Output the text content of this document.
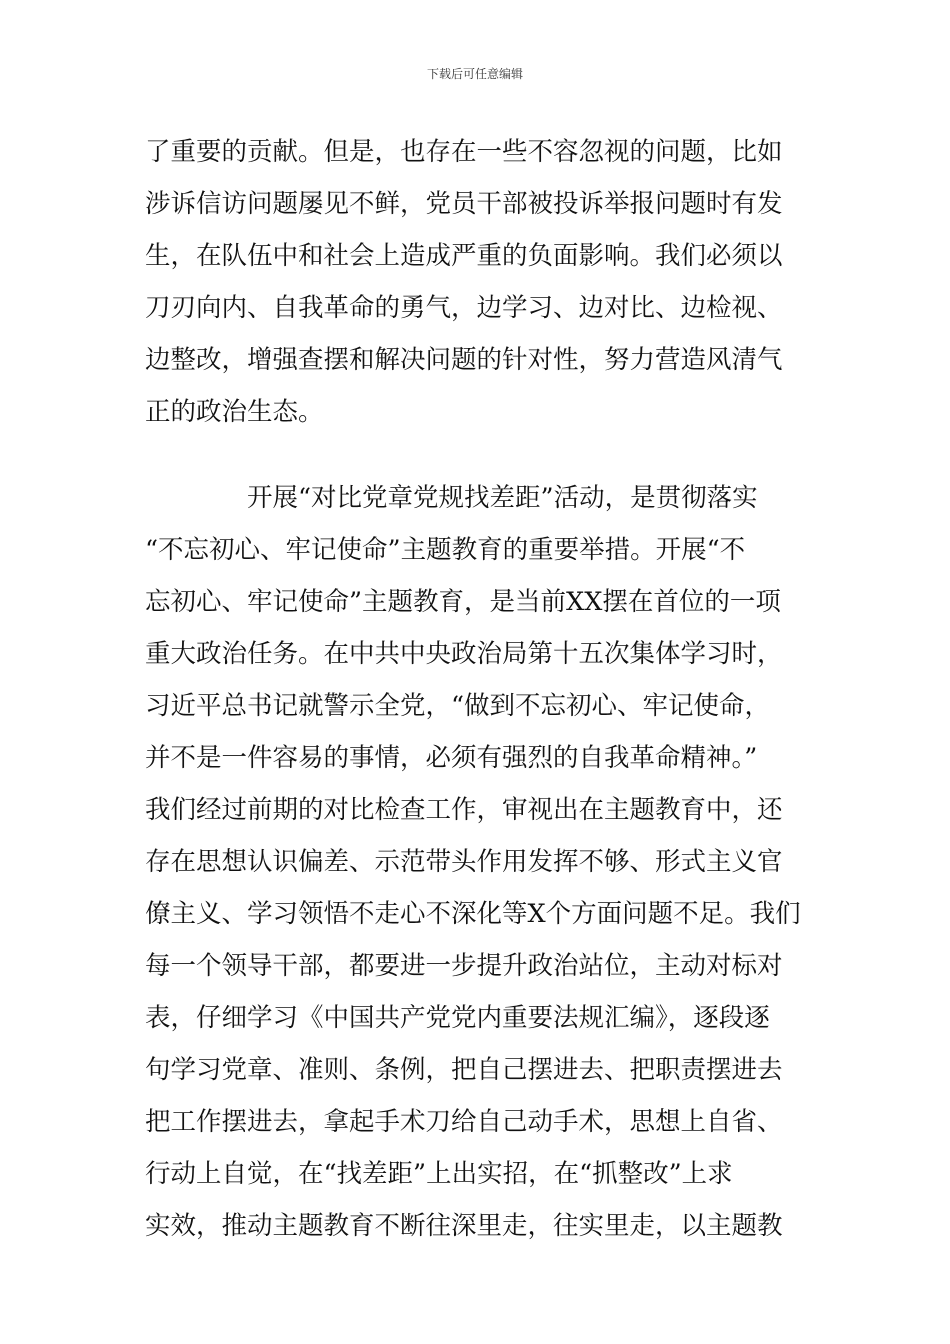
下载后可任意编辑
了重要的贡献。但是，也存在一些不容忽视的问题，比如
涉诉信访问题屡见不鲜，党员干部被投诉举报问题时有发
生，在队伍中和社会上造成严重的负面影响。我们必须以
刀刃向内、自我革命的勇气，边学习、边对比、边检视、
边整改，增强查摆和解决问题的针对性，努力营造风清气
正的政治生态。
开展“对比党章党规找差距”活动，是贯彻落实
“不忘初心、牢记使命”主题教育的重要举措。开展“不
忘初心、牢记使命”主题教育，是当前XX摆在首位的一项
重大政治任务。在中共中央政治局第十五次集体学习时，
习近平总书记就警示全党，“做到不忘初心、牢记使命，
并不是一件容易的事情，必须有强烈的自我革命精神。”
我们经过前期的对比检查工作，审视出在主题教育中，还
存在思想认识偏差、示范带头作用发挥不够、形式主义官
僚主义、学习领悟不走心不深化等X个方面问题不足。我们
每一个领导干部，都要进一步提升政治站位，主动对标对
表，仔细学习《中国共产党党内重要法规汇编》，逐段逐
句学习党章、准则、条例，把自己摆进去、把职责摆进去
把工作摆进去，拿起手术刀给自己动手术，思想上自省、
行动上自觉，在“找差距”上出实招，在“抓整改”上求
实效，推动主题教育不断往深里走，往实里走，以主题教
